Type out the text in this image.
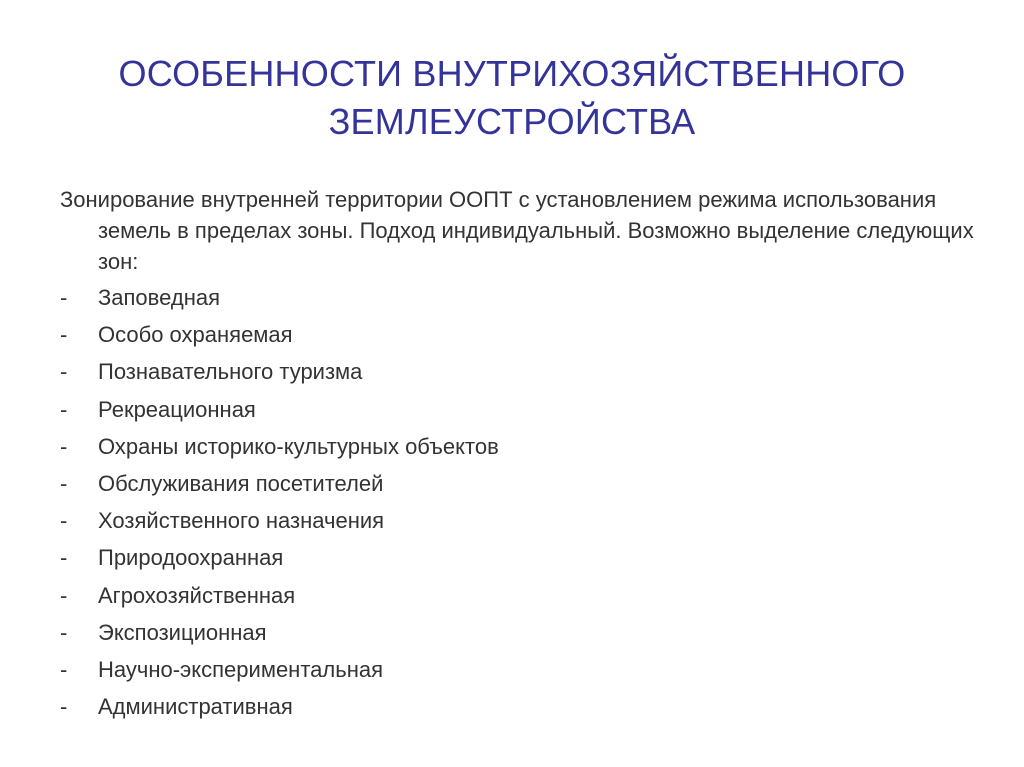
ОСОБЕННОСТИ ВНУТРИХОЗЯЙСТВЕННОГО
ЗЕМЛЕУСТРОЙСТВА

Зонирование внутренней территории ООПТ с установлением режима использования земель в пределах зоны. Подход индивидуальный. Возможно выделение следующих зон:

-	Заповедная
-	Особо охраняемая
-	Познавательного туризма
-	Рекреационная
-	Охраны историко-культурных объектов
-	Обслуживания посетителей
-	Хозяйственного назначения
-	Природоохранная
-	Агрохозяйственная
-	Экспозиционная
-	Научно-экспериментальная
-	Административная
